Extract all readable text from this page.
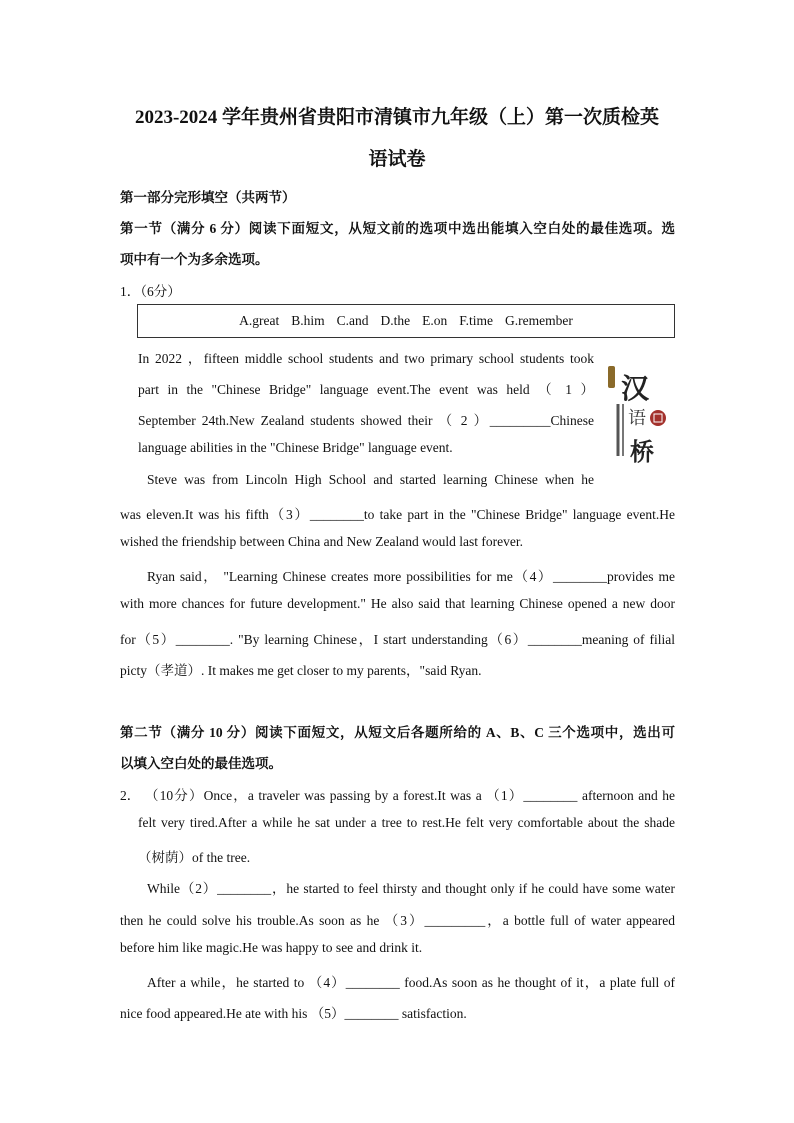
2023-2024 学年贵州省贵阳市清镇市九年级（上）第一次质检英
语试卷
第一部分完形填空（共两节）
第一节（满分 6 分）阅读下面短文，从短文前的选项中选出能填入空白处的最佳选项。选
项中有一个为多余选项。
1．（6分）
A.great B.him C.and D.the E.on F.time G.remember
In 2022 ，fifteen middle school students and two primary school students took
part in the "Chinese Bridge" language event.The event was held （ 1 ）
September 24th.New Zealand students showed their （ 2 ）_________Chinese
language abilities in the "Chinese Bridge" language event.
汉
语
桥
Steve was from Lincoln High School and started learning Chinese when he
was eleven.It was his fifth（3）________to take part in the "Chinese Bridge" language event.He
wished the friendship between China and New Zealand would last forever.
Ryan said， "Learning Chinese creates more possibilities for me（4）________provides me
with more chances for future development." He also said that learning Chinese opened a new door
for（5）________. "By learning Chinese，I start understanding（6）________meaning of filial
picty（孝道）. It makes me get closer to my parents，"said Ryan.
第二节（满分 10 分）阅读下面短文，从短文后各题所给的 A、B、C 三个选项中，选出可
以填入空白处的最佳选项。
2． （10分）Once，a traveler was passing by a forest.It was a （1）________ afternoon and he
felt very tired.After a while he sat under a tree to rest.He felt very comfortable about the shade
（树荫）of the tree.
While（2）________，he started to feel thirsty and thought only if he could have some water
then he could solve his trouble.As soon as he （3）_________，a bottle full of water appeared
before him like magic.He was happy to see and drink it.
After a while，he started to （4）________ food.As soon as he thought of it，a plate full of
nice food appeared.He ate with his （5）________ satisfaction.
